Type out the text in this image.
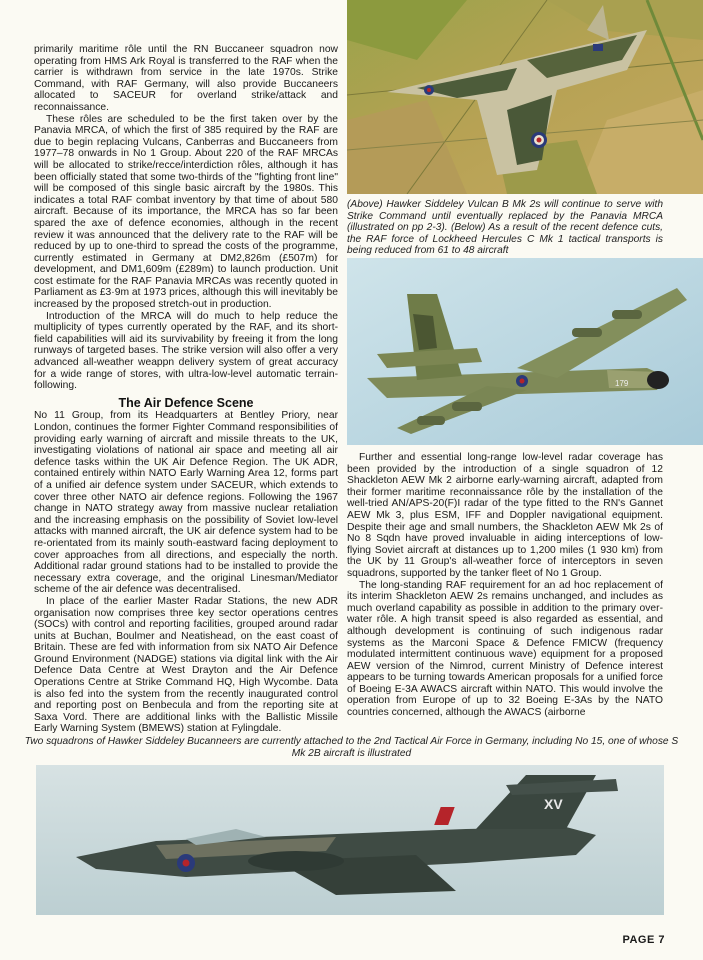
primarily maritime rôle until the RN Buccaneer squadron now operating from HMS Ark Royal is transferred to the RAF when the carrier is withdrawn from service in the late 1970s. Strike Command, with RAF Germany, will also provide Buccaneers allocated to SACEUR for overland strike/attack and reconnaissance.

These rôles are scheduled to be the first taken over by the Panavia MRCA, of which the first of 385 required by the RAF are due to begin replacing Vulcans, Canberras and Buccaneers from 1977–78 onwards in No 1 Group. About 220 of the RAF MRCAs will be allocated to strike/recce/interdiction rôles, although it has been officially stated that some two-thirds of the "fighting front line" will be composed of this single basic aircraft by the 1980s. This indicates a total RAF combat inventory by that time of about 580 aircraft. Because of its importance, the MRCA has so far been spared the axe of defence economies, although in the recent review it was announced that the delivery rate to the RAF will be reduced by up to one-third to spread the costs of the programme, currently estimated in Germany at DM2,826m (£507m) for development, and DM1,609m (£289m) to launch production. Unit cost estimate for the RAF Panavia MRCAs was recently quoted in Parliament as £3·9m at 1973 prices, although this will inevitably be increased by the proposed stretch-out in production.

Introduction of the MRCA will do much to help reduce the multiplicity of types currently operated by the RAF, and its short-field capabilities will aid its survivability by freeing it from the long runways of targeted bases. The strike version will also offer a very advanced all-weather weappn delivery system of great accuracy for a wide range of stores, with ultra-low-level automatic terrain-following.

The Air Defence Scene

No 11 Group, from its Headquarters at Bentley Priory, near London, continues the former Fighter Command responsibilities of providing early warning of aircraft and missile threats to the UK, investigating violations of national air space and meeting all air defence tasks within the UK Air Defence Region. The UK ADR, contained entirely within NATO Early Warning Area 12, forms part of a unified air defence system under SACEUR, which extends to cover three other NATO air defence regions. Following the 1967 change in NATO strategy away from massive nuclear retaliation and the increasing emphasis on the possibility of Soviet low-level attacks with manned aircraft, the UK air defence system had to be re-orientated from its mainly south-eastward facing deployment to cover approaches from all directions, and especially the north. Additional radar ground stations had to be installed to provide the necessary extra coverage, and the original Linesman/Mediator scheme of the air defence was decentralised.

In place of the earlier Master Radar Stations, the new ADR organisation now comprises three key sector operations centres (SOCs) with control and reporting facilities, grouped around radar units at Buchan, Boulmer and Neatishead, on the east coast of Britain. These are fed with information from six NATO Air Defence Ground Environment (NADGE) stations via digital link with the Air Defence Data Centre at West Drayton and the Air Defence Operations Centre at Strike Command HQ, High Wycombe. Data is also fed into the system from the recently inaugurated control and reporting post on Benbecula and from the reporting site at Saxa Vord. There are additional links with the Ballistic Missile Early Warning System (BMEWS) station at Fylingdale.

(Above) Hawker Siddeley Vulcan B Mk 2s will continue to serve with Strike Command until eventually replaced by the Panavia MRCA (illustrated on pp 2-3). (Below) As a result of the recent defence cuts, the RAF force of Lockheed Hercules C Mk 1 tactical transports is being reduced from 61 to 48 aircraft
179

Further and essential long-range low-level radar coverage has been provided by the introduction of a single squadron of 12 Shackleton AEW Mk 2 airborne early-warning aircraft, adapted from their former maritime reconnaissance rôle by the installation of the well-tried AN/APS-20(F)I radar of the type fitted to the RN's Gannet AEW Mk 3, plus ESM, IFF and Doppler navigational equipment. Despite their age and small numbers, the Shackleton AEW Mk 2s of No 8 Sqdn have proved invaluable in aiding interceptions of low-flying Soviet aircraft at distances up to 1,200 miles (1 930 km) from the UK by 11 Group's all-weather force of interceptors in seven squadrons, supported by the tanker fleet of No 1 Group.

The long-standing RAF requirement for an ad hoc replacement of its interim Shackleton AEW 2s remains unchanged, and includes as much overland capability as possible in addition to the primary over-water rôle. A high transit speed is also regarded as essential, and although development is continuing of such indigenous radar systems as the Marconi Space & Defence FMICW (frequency modulated intermittent continuous wave) equipment for a proposed AEW version of the Nimrod, current Ministry of Defence interest appears to be turning towards American proposals for a unified force of Boeing E-3A AWACS aircraft within NATO. This would involve the operation from Europe of up to 32 Boeing E-3As by the NATO countries concerned, although the AWACS (airborne

Two squadrons of Hawker Siddeley Bucanneers are currently attached to the 2nd Tactical Air Force in Germany, including No 15, one of whose S Mk 2B aircraft is illustrated
XV
PAGE 7
